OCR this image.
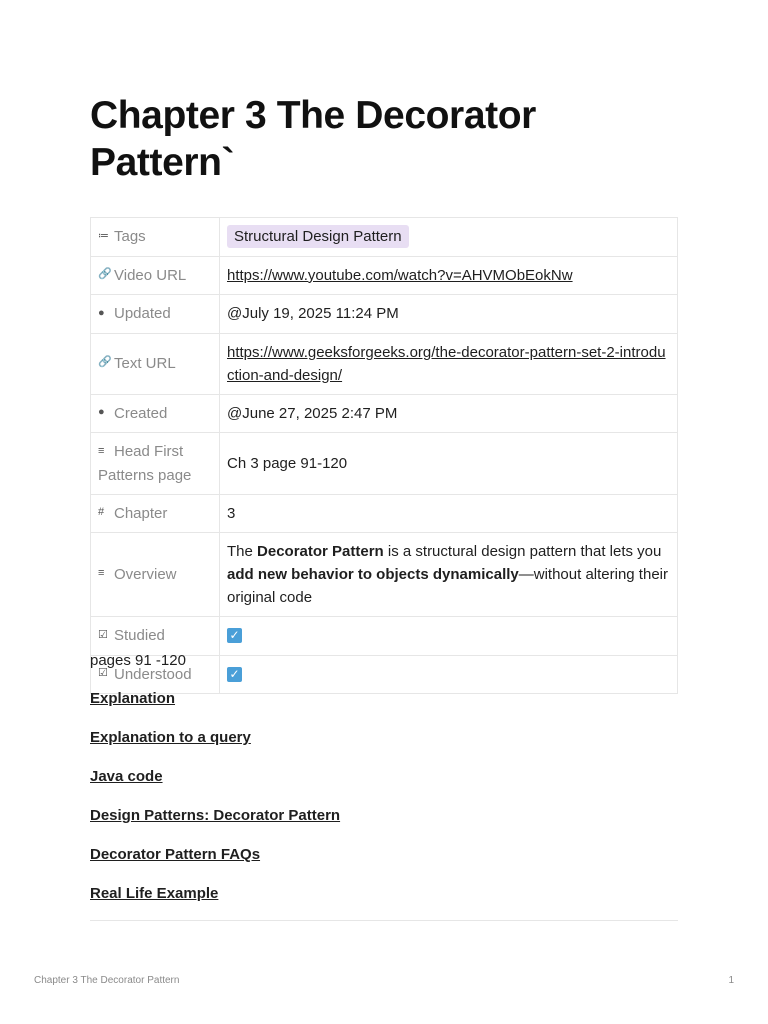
Chapter 3 The Decorator Pattern`
≔ Tags	Structural Design Pattern
🔗 Video URL	https://www.youtube.com/watch?v=AHVMObEokNw
● Updated	@July 19, 2025 11:24 PM
🔗 Text URL	https://www.geeksforgeeks.org/the-decorator-pattern-set-2-introduction-and-design/
● Created	@June 27, 2025 2:47 PM
≡ Head First Patterns page	Ch 3 page 91-120
# Chapter	3
≡ Overview	The Decorator Pattern is a structural design pattern that lets you add new behavior to objects dynamically—without altering their original code
☑ Studied	✓
☑ Understood	✓

pages 91 -120

Explanation
Explanation to a query
Java code
Design Patterns: Decorator Pattern
Decorator Pattern FAQs
Real Life Example
Chapter 3 The Decorator Pattern	1
